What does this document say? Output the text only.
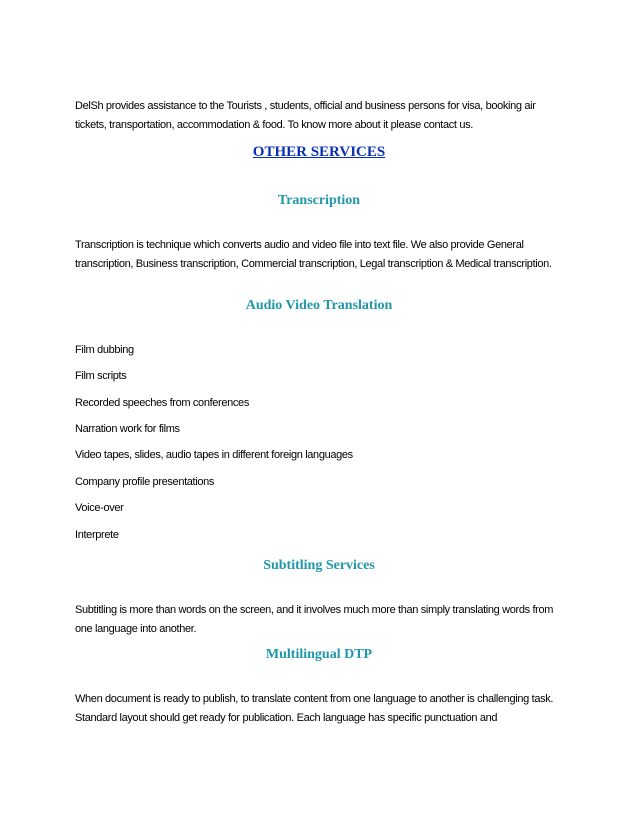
DelSh provides assistance to the Tourists , students, official and business persons for visa, booking air tickets, transportation, accommodation & food. To know more about it please contact us.

OTHER SERVICES
Transcription

Transcription is technique which converts audio and video file into text file. We also provide General transcription, Business transcription, Commercial transcription, Legal transcription & Medical transcription.

Audio Video Translation

Film dubbing

Film scripts

Recorded speeches from conferences

Narration work for films

Video tapes, slides, audio tapes in different foreign languages

Company profile presentations

Voice-over

Interprete

Subtitling Services

Subtitling is more than words on the screen, and it involves much more than simply translating words from one language into another.

Multilingual DTP

When document is ready to publish, to translate content from one language to another is challenging task. Standard layout should get ready for publication. Each language has specific punctuation and
